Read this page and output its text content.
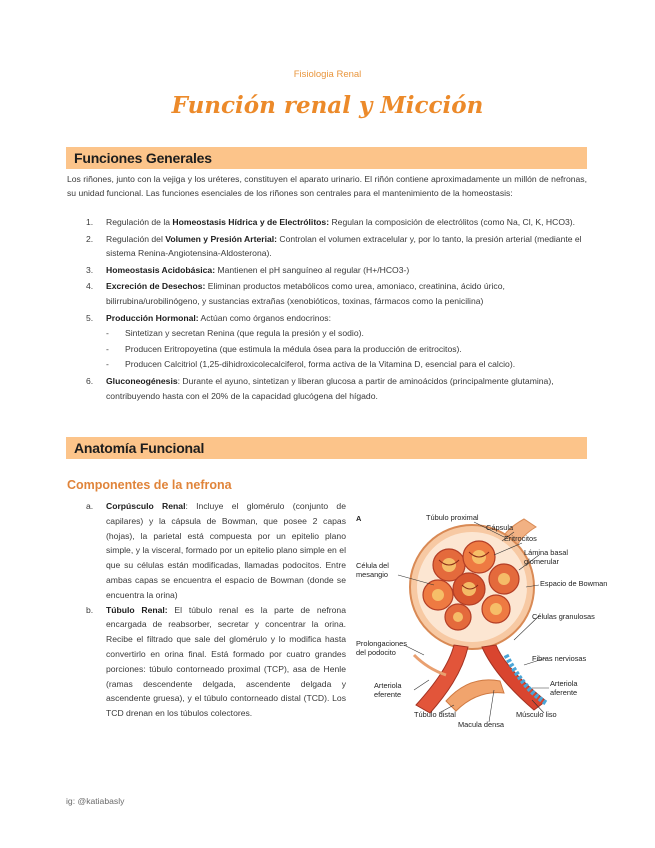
Fisiologia Renal
Función renal y Micción
Funciones Generales
Los riñones, junto con la vejiga y los uréteres, constituyen el aparato urinario. El riñón contiene aproximadamente un millón de nefronas, su unidad funcional. Las funciones esenciales de los riñones son centrales para el mantenimiento de la homeostasis:
1. Regulación de la Homeostasis Hídrica y de Electrólitos: Regulan la composición de electrólitos (como Na, Cl, K, HCO3).
2. Regulación del Volumen y Presión Arterial: Controlan el volumen extracelular y, por lo tanto, la presión arterial (mediante el sistema Renina-Angiotensina-Aldosterona).
3. Homeostasis Acidobásica: Mantienen el pH sanguíneo al regular (H+/HCO3-)
4. Excreción de Desechos: Eliminan productos metabólicos como urea, amoniaco, creatinina, ácido úrico, bilirrubina/urobilinógeno, y sustancias extrañas (xenobióticos, toxinas, fármacos como la penicilina)
5. Producción Hormonal: Actúan como órganos endocrinos:
- Sintetizan y secretan Renina (que regula la presión y el sodio).
- Producen Eritropoyetina (que estimula la médula ósea para la producción de eritrocitos).
- Producen Calcitriol (1,25-dihidroxicolecalciferol, forma activa de la Vitamina D, esencial para el calcio).
6. Gluconeogénesis: Durante el ayuno, sintetizan y liberan glucosa a partir de aminoácidos (principalmente glutamina), contribuyendo hasta con el 20% de la capacidad glucógena del hígado.
Anatomía Funcional
Componentes de la nefrona
a. Corpúsculo Renal: Incluye el glomérulo (conjunto de capilares) y la cápsula de Bowman, que posee 2 capas (hojas), la parietal está compuesta por un epitelio plano simple, y la visceral, formado por un epitelio plano simple en el que su células están modificadas, llamadas podocitos. Entre ambas capas se encuentra el espacio de Bowman (donde se encuentra la orina)
b. Túbulo Renal: El túbulo renal es la parte de nefrona encargada de reabsorber, secretar y concentrar la orina. Recibe el filtrado que sale del glomérulo y lo modifica hasta convertirlo en orina final. Está formado por cuatro grandes porciones: túbulo contorneado proximal (TCP), asa de Henle (ramas descendente delgada, ascendente delgada y ascendente gruesa), y el túbulo contorneado distal (TCD). Los TCD drenan en los túbulos colectores.
A	Túbulo proximal
Cápsula
Eritrocitos
Lámina basal
glomerular
Célula del
mesangio
Espacio de Bowman
Células granulosas
Prolongaciones
del podocito
Fibras nerviosas
Arteriola
eferente
Arteriola
aferente
Túbulo distal	Músculo liso
Macula densa
ig: @katiabasly
